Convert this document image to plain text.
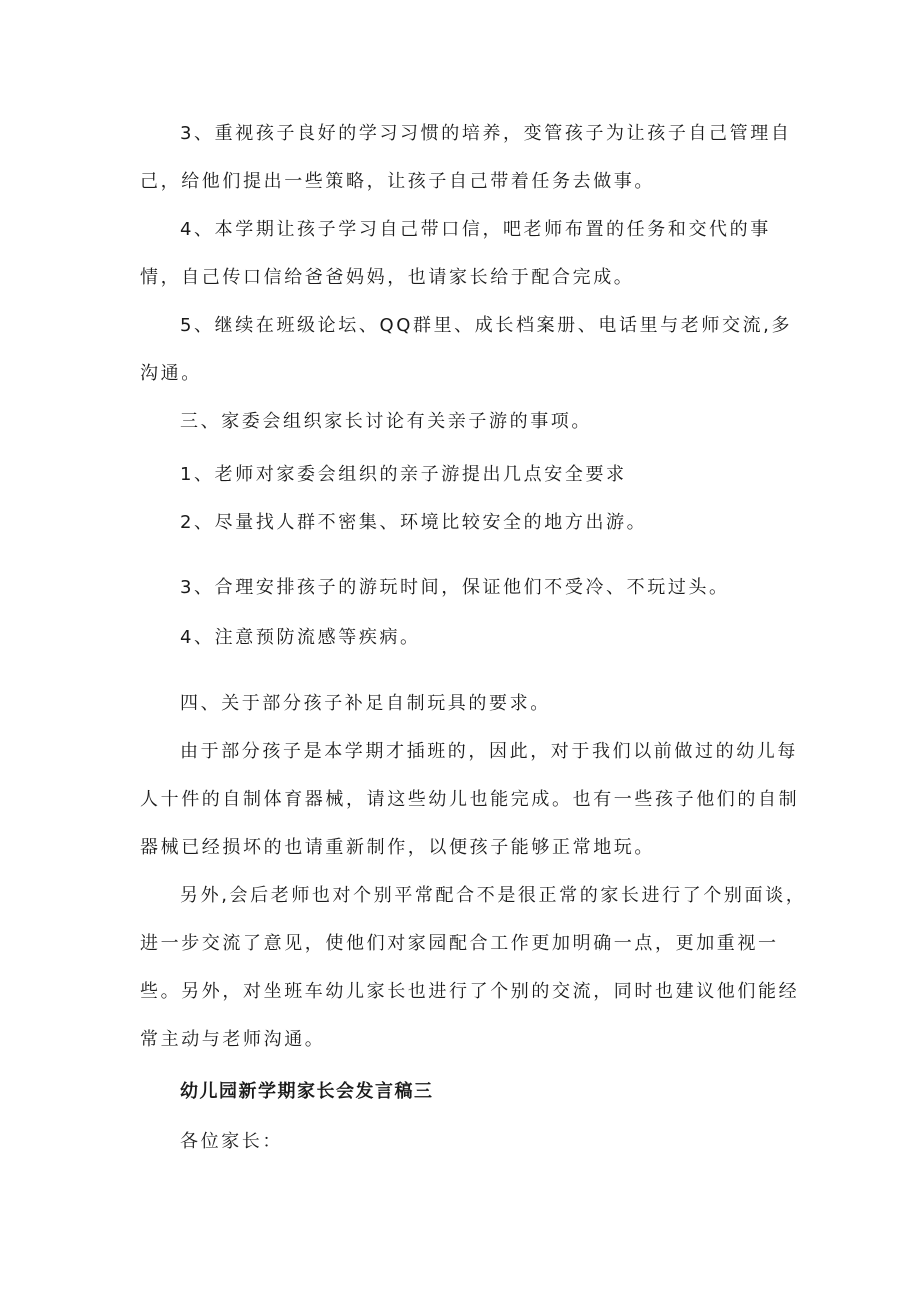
3、重视孩子良好的学习习惯的培养，变管孩子为让孩子自己管理自己，给他们提出一些策略，让孩子自己带着任务去做事。
4、本学期让孩子学习自己带口信，吧老师布置的任务和交代的事情，自己传口信给爸爸妈妈，也请家长给于配合完成。
5、继续在班级论坛、QQ群里、成长档案册、电话里与老师交流,多沟通。
三、家委会组织家长讨论有关亲子游的事项。
1、老师对家委会组织的亲子游提出几点安全要求
2、尽量找人群不密集、环境比较安全的地方出游。
3、合理安排孩子的游玩时间，保证他们不受冷、不玩过头。
4、注意预防流感等疾病。
四、关于部分孩子补足自制玩具的要求。
由于部分孩子是本学期才插班的，因此，对于我们以前做过的幼儿每人十件的自制体育器械，请这些幼儿也能完成。也有一些孩子他们的自制器械已经损坏的也请重新制作，以便孩子能够正常地玩。
另外,会后老师也对个别平常配合不是很正常的家长进行了个别面谈，进一步交流了意见，使他们对家园配合工作更加明确一点，更加重视一些。另外，对坐班车幼儿家长也进行了个别的交流，同时也建议他们能经常主动与老师沟通。
幼儿园新学期家长会发言稿三
各位家长：
